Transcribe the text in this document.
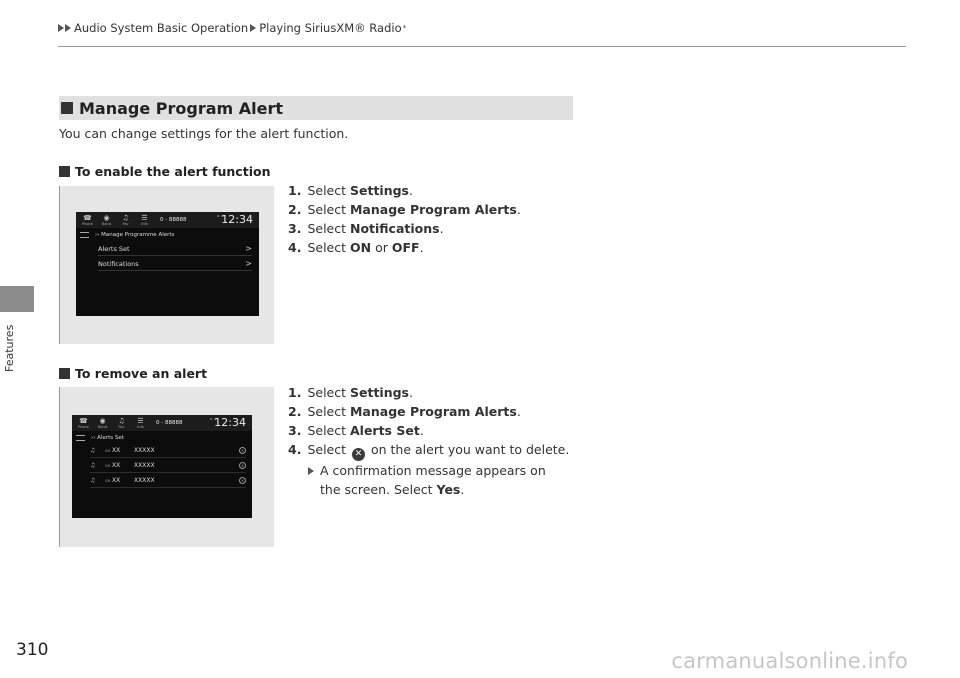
Audio System Basic Operation Playing SiriusXM® Radio *
Features
310
Manage Program Alert
You can change settings for the alert function.
To enable the alert function
☎
Phone
◉
Band
♫
Fav
☰
Info
0 - 88888	° ¹
12:34
›› Manage Programme Alerts
Alerts Set	>
Notifications	>
1. Select Settings.
2. Select Manage Program Alerts.
3. Select Notifications.
4. Select ON or OFF.
To remove an alert
☎
Phone
◉
Band
♫
Fav
☰
Info
0 - 88888	° ¹
12:34
›› Alerts Set
♫	CH XX	XXXXX	×
♫	CH XX	XXXXX	×
♫	CH XX	XXXXX	×
1. Select Settings.
2. Select Manage Program Alerts.
3. Select Alerts Set.
4. Select ✕ on the alert you want to delete.
A confirmation message appears on the screen. Select Yes.
carmanualsonline.info
